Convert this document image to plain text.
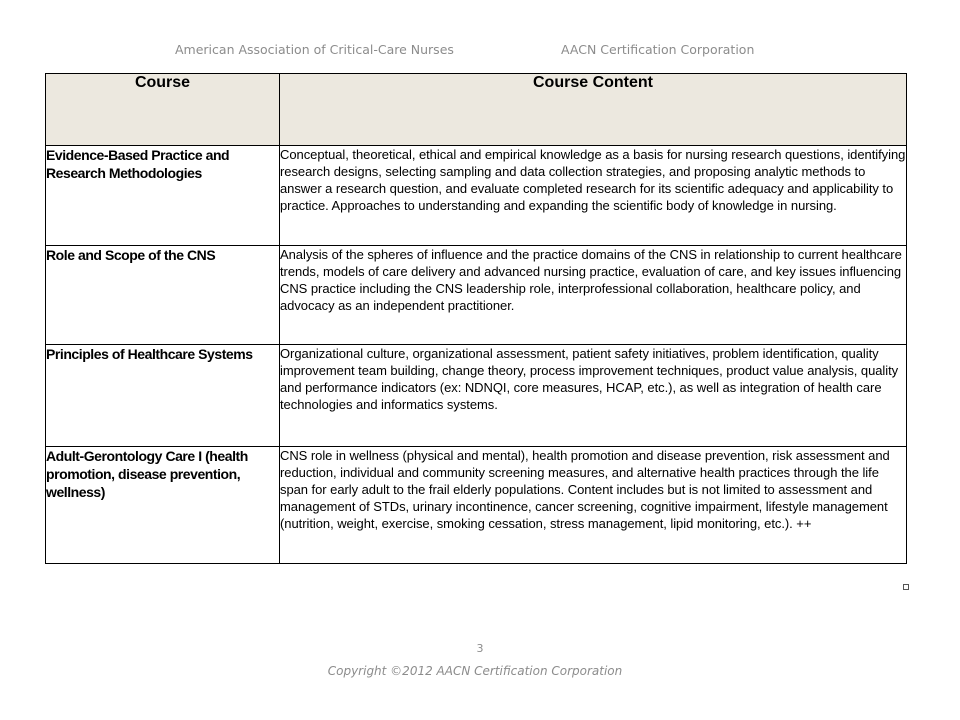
American Association of Critical-Care Nurses	AACN Certification Corporation
Course	Course Content
Evidence-Based Practice and Research Methodologies	Conceptual, theoretical, ethical and empirical knowledge as a basis for nursing research questions, identifying research designs, selecting sampling and data collection strategies, and proposing analytic methods to answer a research question, and evaluate completed research for its scientific adequacy and applicability to practice. Approaches to understanding and expanding the scientific body of knowledge in nursing.
Role and Scope of the CNS	Analysis of the spheres of influence and the practice domains of the CNS in relationship to current healthcare trends, models of care delivery and advanced nursing practice, evaluation of care, and key issues influencing CNS practice including the CNS leadership role, interprofessional collaboration, healthcare policy, and advocacy as an independent practitioner.
Principles of Healthcare Systems	Organizational culture, organizational assessment, patient safety initiatives, problem identification, quality improvement team building, change theory, process improvement techniques, product value analysis, quality and performance indicators (ex: NDNQI, core measures, HCAP, etc.), as well as integration of health care technologies and informatics systems.
Adult-Gerontology Care I (health promotion, disease prevention, wellness)	CNS role in wellness (physical and mental), health promotion and disease prevention, risk assessment and reduction, individual and community screening measures, and alternative health practices through the life span for early adult to the frail elderly populations. Content includes but is not limited to assessment and management of STDs, urinary incontinence, cancer screening, cognitive impairment, lifestyle management (nutrition, weight, exercise, smoking cessation, stress management, lipid monitoring, etc.). ++
3
Copyright ©2012 AACN Certification Corporation
